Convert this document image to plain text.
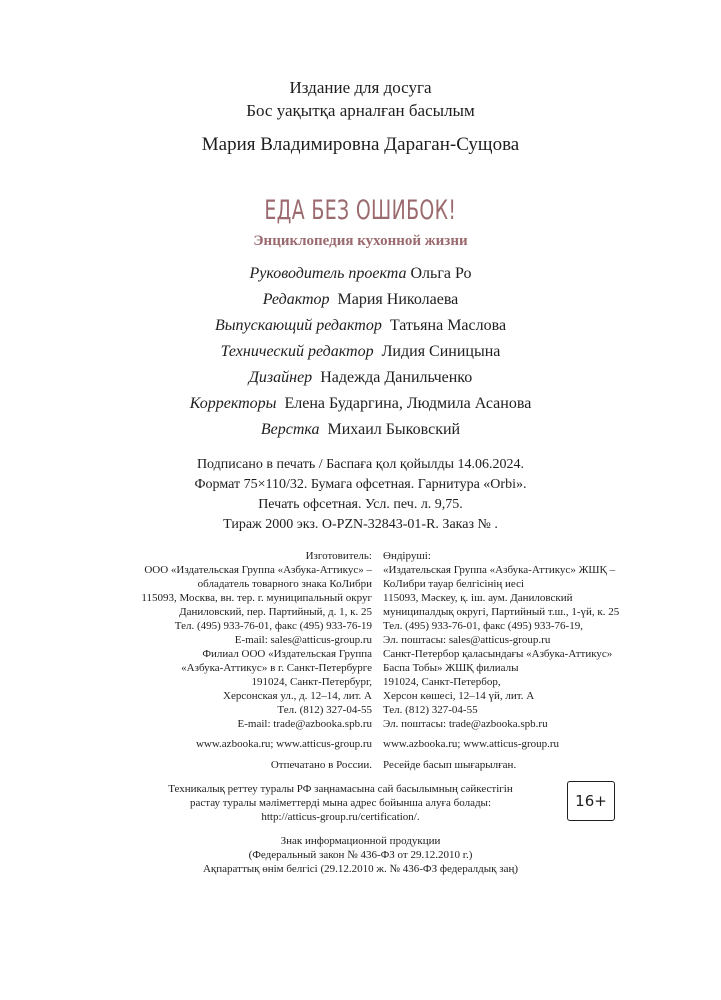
Издание для досуга
Бос уақытқа арналған басылым
Мария Владимировна Дараган-Сущова
ЕДА БЕЗ ОШИБОК!
Энциклопедия кухонной жизни
Руководитель проекта Ольга Ро
Редактор Мария Николаева
Выпускающий редактор Татьяна Маслова
Технический редактор Лидия Синицына
Дизайнер Надежда Данильченко
Корректоры Елена Бударгина, Людмила Асанова
Верстка Михаил Быковский
Подписано в печать / Баспаға қол қойылды 14.06.2024.
Формат 75×110/32. Бумага офсетная. Гарнитура «Orbi».
Печать офсетная. Усл. печ. л. 9,75.
Тираж 2000 экз. O-PZN-32843-01-R. Заказ № .
Изготовитель:
ООО «Издательская Группа «Азбука-Аттикус» –
обладатель товарного знака КоЛибри
115093, Москва, вн. тер. г. муниципальный округ
Даниловский, пер. Партийный, д. 1, к. 25
Тел. (495) 933-76-01, факс (495) 933-76-19
E-mail: sales@atticus-group.ru
Өндіруші:
«Издательская Группа «Азбука-Аттикус» ЖШҚ –
КоЛибри тауар белгісінің иесі
115093, Мәскеу, қ. іш. аум. Даниловский
муниципалдық округі, Партийный т.ш., 1-үй, к. 25
Тел. (495) 933-76-01, факс (495) 933-76-19,
Эл. поштасы: sales@atticus-group.ru
Филиал ООО «Издательская Группа
«Азбука-Аттикус» в г. Санкт-Петербурге
191024, Санкт-Петербург,
Херсонская ул., д. 12–14, лит. А
Тел. (812) 327-04-55
E-mail: trade@azbooka.spb.ru
Санкт-Петербор қаласындағы «Азбука-Аттикус»
Баспа Тобы» ЖШҚ филиалы
191024, Санкт-Петербор,
Херсон көшесі, 12–14 үй, лит. А
Тел. (812) 327-04-55
Эл. поштасы: trade@azbooka.spb.ru
www.azbooka.ru; www.atticus-group.ru www.azbooka.ru; www.atticus-group.ru
Отпечатано в России. Ресейде басып шығарылған.
Техникалық реттеу туралы РФ заңнамасына сай басылымның сәйкестігін
растау туралы мәліметтерді мына адрес бойынша алуға болады:
http://atticus-group.ru/certification/.
16+
Знак информационной продукции
(Федеральный закон № 436-ФЗ от 29.12.2010 г.)
Ақпараттық өнім белгісі (29.12.2010 ж. № 436-ФЗ федералдық заң)
